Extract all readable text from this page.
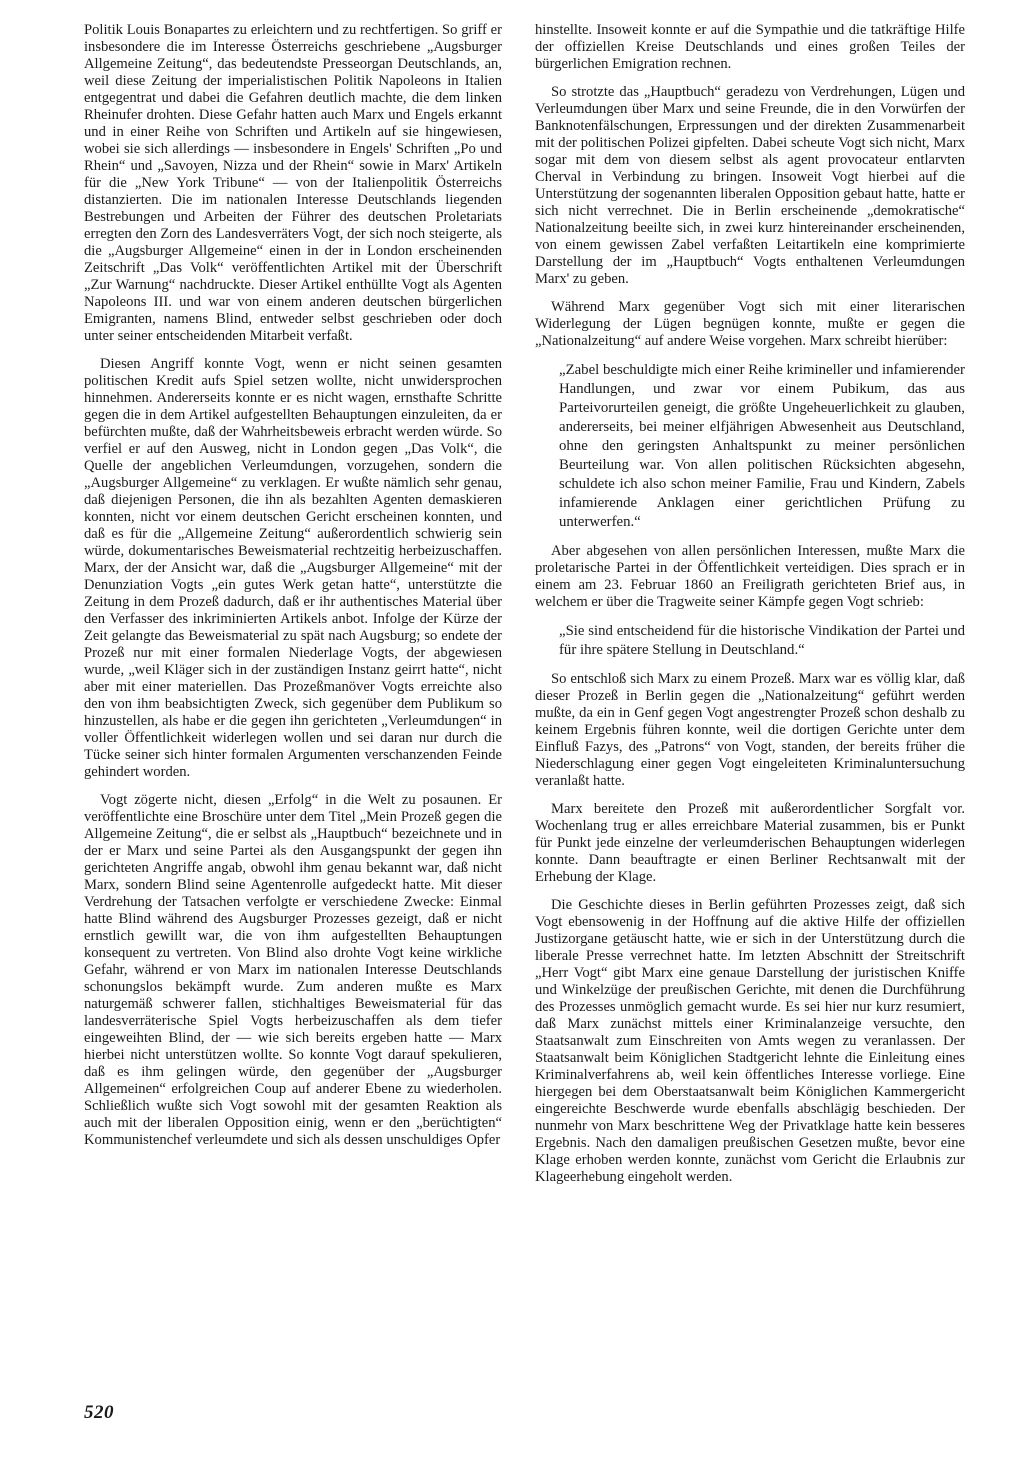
Politik Louis Bonapartes zu erleichtern und zu rechtfertigen. So griff er insbesondere die im Interesse Österreichs geschriebene „Augsburger Allgemeine Zeitung“, das bedeutendste Presseorgan Deutschlands, an, weil diese Zeitung der imperialistischen Politik Napoleons in Italien entgegentrat und dabei die Gefahren deutlich machte, die dem linken Rheinufer drohten. Diese Gefahr hatten auch Marx und Engels erkannt und in einer Reihe von Schriften und Artikeln auf sie hingewiesen, wobei sie sich allerdings — insbesondere in Engels' Schriften „Po und Rhein“ und „Savoyen, Nizza und der Rhein“ sowie in Marx' Artikeln für die „New York Tribune“ — von der Italienpolitik Österreichs distanzierten. Die im nationalen Interesse Deutschlands liegenden Bestrebungen und Arbeiten der Führer des deutschen Proletariats erregten den Zorn des Landesverräters Vogt, der sich noch steigerte, als die „Augsburger Allgemeine“ einen in der in London erscheinenden Zeitschrift „Das Volk“ veröffentlichten Artikel mit der Überschrift „Zur Warnung“ nachdruckte. Dieser Artikel enthüllte Vogt als Agenten Napoleons III. und war von einem anderen deutschen bürgerlichen Emigranten, namens Blind, entweder selbst geschrieben oder doch unter seiner entscheidenden Mitarbeit verfaßt.

Diesen Angriff konnte Vogt, wenn er nicht seinen gesamten politischen Kredit aufs Spiel setzen wollte, nicht unwidersprochen hinnehmen. Andererseits konnte er es nicht wagen, ernsthafte Schritte gegen die in dem Artikel aufgestellten Behauptungen einzuleiten, da er befürchten mußte, daß der Wahrheitsbeweis erbracht werden würde. So verfiel er auf den Ausweg, nicht in London gegen „Das Volk“, die Quelle der angeblichen Verleumdungen, vorzugehen, sondern die „Augsburger Allgemeine“ zu verklagen. Er wußte nämlich sehr genau, daß diejenigen Personen, die ihn als bezahlten Agenten demaskieren konnten, nicht vor einem deutschen Gericht erscheinen konnten, und daß es für die „Allgemeine Zeitung“ außerordentlich schwierig sein würde, dokumentarisches Beweismaterial rechtzeitig herbeizuschaffen. Marx, der der Ansicht war, daß die „Augsburger Allgemeine“ mit der Denunziation Vogts „ein gutes Werk getan hatte“, unterstützte die Zeitung in dem Prozeß dadurch, daß er ihr authentisches Material über den Verfasser des inkriminierten Artikels anbot. Infolge der Kürze der Zeit gelangte das Beweismaterial zu spät nach Augsburg; so endete der Prozeß nur mit einer formalen Niederlage Vogts, der abgewiesen wurde, „weil Kläger sich in der zuständigen Instanz geirrt hatte“, nicht aber mit einer materiellen. Das Prozeßmanöver Vogts erreichte also den von ihm beabsichtigten Zweck, sich gegenüber dem Publikum so hinzustellen, als habe er die gegen ihn gerichteten „Verleumdungen“ in voller Öffentlichkeit widerlegen wollen und sei daran nur durch die Tücke seiner sich hinter formalen Argumenten verschanzenden Feinde gehindert worden.

Vogt zögerte nicht, diesen „Erfolg“ in die Welt zu posaunen. Er veröffentlichte eine Broschüre unter dem Titel „Mein Prozeß gegen die Allgemeine Zeitung“, die er selbst als „Hauptbuch“ bezeichnete und in der er Marx und seine Partei als den Ausgangspunkt der gegen ihn gerichteten Angriffe angab, obwohl ihm genau bekannt war, daß nicht Marx, sondern Blind seine Agentenrolle aufgedeckt hatte. Mit dieser Verdrehung der Tatsachen verfolgte er verschiedene Zwecke: Einmal hatte Blind während des Augsburger Prozesses gezeigt, daß er nicht ernstlich gewillt war, die von ihm aufgestellten Behauptungen konsequent zu vertreten. Von Blind also drohte Vogt keine wirkliche Gefahr, während er von Marx im nationalen Interesse Deutschlands schonungslos bekämpft wurde. Zum anderen mußte es Marx naturgemäß schwerer fallen, stichhaltiges Beweismaterial für das landesverräterische Spiel Vogts herbeizuschaffen als dem tiefer eingeweihten Blind, der — wie sich bereits ergeben hatte — Marx hierbei nicht unterstützen wollte. So konnte Vogt darauf spekulieren, daß es ihm gelingen würde, den gegenüber der „Augsburger Allgemeinen“ erfolgreichen Coup auf anderer Ebene zu wiederholen. Schließlich wußte sich Vogt sowohl mit der gesamten Reaktion als auch mit der liberalen Opposition einig, wenn er den „berüchtigten“ Kommunistenchef verleumdete und sich als dessen unschuldiges Opfer

hinstellte. Insoweit konnte er auf die Sympathie und die tatkräftige Hilfe der offiziellen Kreise Deutschlands und eines großen Teiles der bürgerlichen Emigration rechnen.

So strotzte das „Hauptbuch“ geradezu von Verdrehungen, Lügen und Verleumdungen über Marx und seine Freunde, die in den Vorwürfen der Banknotenfälschungen, Erpressungen und der direkten Zusammenarbeit mit der politischen Polizei gipfelten. Dabei scheute Vogt sich nicht, Marx sogar mit dem von diesem selbst als agent provocateur entlarvten Cherval in Verbindung zu bringen. Insoweit Vogt hierbei auf die Unterstützung der sogenannten liberalen Opposition gebaut hatte, hatte er sich nicht verrechnet. Die in Berlin erscheinende „demokratische“ Nationalzeitung beeilte sich, in zwei kurz hintereinander erscheinenden, von einem gewissen Zabel verfaßten Leitartikeln eine komprimierte Darstellung der im „Hauptbuch“ Vogts enthaltenen Verleumdungen Marx' zu geben.

Während Marx gegenüber Vogt sich mit einer literarischen Widerlegung der Lügen begnügen konnte, mußte er gegen die „Nationalzeitung“ auf andere Weise vorgehen. Marx schreibt hierüber:

„Zabel beschuldigte mich einer Reihe krimineller und infamierender Handlungen, und zwar vor einem Pubikum, das aus Parteivorurteilen geneigt, die größte Ungeheuerlichkeit zu glauben, andererseits, bei meiner elfjährigen Abwesenheit aus Deutschland, ohne den geringsten Anhaltspunkt zu meiner persönlichen Beurteilung war. Von allen politischen Rücksichten abgesehn, schuldete ich also schon meiner Familie, Frau und Kindern, Zabels infamierende Anklagen einer gerichtlichen Prüfung zu unterwerfen.“

Aber abgesehen von allen persönlichen Interessen, mußte Marx die proletarische Partei in der Öffentlichkeit verteidigen. Dies sprach er in einem am 23. Februar 1860 an Freiligrath gerichteten Brief aus, in welchem er über die Tragweite seiner Kämpfe gegen Vogt schrieb:

„Sie sind entscheidend für die historische Vindikation der Partei und für ihre spätere Stellung in Deutschland.“

So entschloß sich Marx zu einem Prozeß. Marx war es völlig klar, daß dieser Prozeß in Berlin gegen die „Nationalzeitung“ geführt werden mußte, da ein in Genf gegen Vogt angestrengter Prozeß schon deshalb zu keinem Ergebnis führen konnte, weil die dortigen Gerichte unter dem Einfluß Fazys, des „Patrons“ von Vogt, standen, der bereits früher die Niederschlagung einer gegen Vogt eingeleiteten Kriminaluntersuchung veranlaßt hatte.

Marx bereitete den Prozeß mit außerordentlicher Sorgfalt vor. Wochenlang trug er alles erreichbare Material zusammen, bis er Punkt für Punkt jede einzelne der verleumderischen Behauptungen widerlegen konnte. Dann beauftragte er einen Berliner Rechtsanwalt mit der Erhebung der Klage.

Die Geschichte dieses in Berlin geführten Prozesses zeigt, daß sich Vogt ebensowenig in der Hoffnung auf die aktive Hilfe der offiziellen Justizorgane getäuscht hatte, wie er sich in der Unterstützung durch die liberale Presse verrechnet hatte. Im letzten Abschnitt der Streitschrift „Herr Vogt“ gibt Marx eine genaue Darstellung der juristischen Kniffe und Winkelzüge der preußischen Gerichte, mit denen die Durchführung des Prozesses unmöglich gemacht wurde. Es sei hier nur kurz resumiert, daß Marx zunächst mittels einer Kriminalanzeige versuchte, den Staatsanwalt zum Einschreiten von Amts wegen zu veranlassen. Der Staatsanwalt beim Königlichen Stadtgericht lehnte die Einleitung eines Kriminalverfahrens ab, weil kein öffentliches Interesse vorliege. Eine hiergegen bei dem Oberstaatsanwalt beim Königlichen Kammergericht eingereichte Beschwerde wurde ebenfalls abschlägig beschieden. Der nunmehr von Marx beschrittene Weg der Privatklage hatte kein besseres Ergebnis. Nach den damaligen preußischen Gesetzen mußte, bevor eine Klage erhoben werden konnte, zunächst vom Gericht die Erlaubnis zur Klageerhebung eingeholt werden.

520
